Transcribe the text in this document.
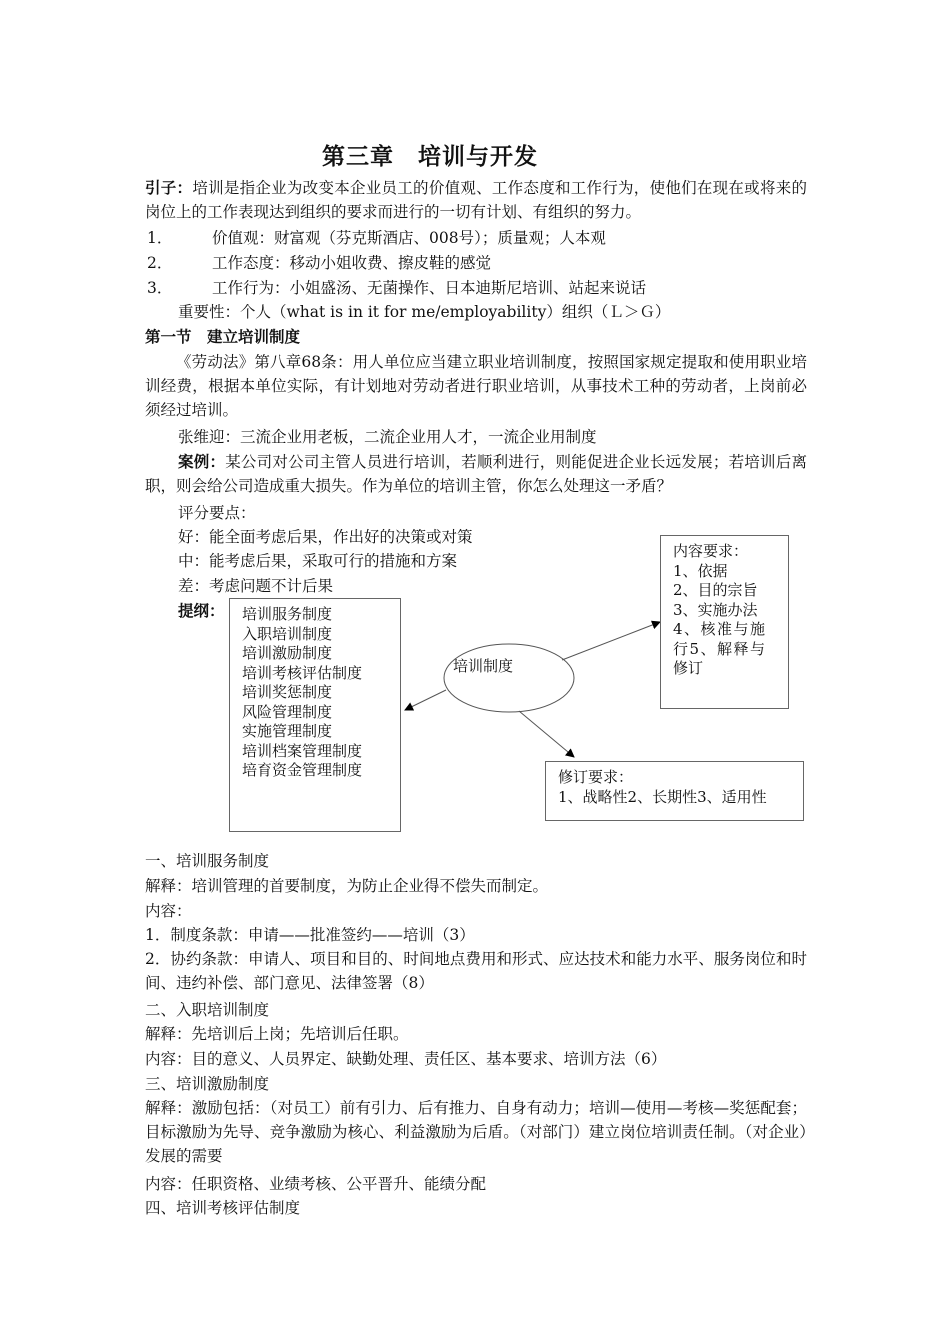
第三章　培训与开发
引子：培训是指企业为改变本企业员工的价值观、工作态度和工作行为，使他们在现在或将来的岗位上的工作表现达到组织的要求而进行的一切有计划、有组织的努力。
1．	价值观：财富观（芬克斯酒店、008号）；质量观；人本观
2．	工作态度：移动小姐收费、擦皮鞋的感觉
3．	工作行为：小姐盛汤、无菌操作、日本迪斯尼培训、站起来说话
重要性：个人（what is in it for me/employability）组织（Ｌ＞Ｇ）
第一节　建立培训制度
《劳动法》第八章68条：用人单位应当建立职业培训制度，按照国家规定提取和使用职业培训经费，根据本单位实际，有计划地对劳动者进行职业培训，从事技术工种的劳动者，上岗前必须经过培训。
张维迎：三流企业用老板，二流企业用人才，一流企业用制度
案例：某公司对公司主管人员进行培训，若顺利进行，则能促进企业长远发展；若培训后离职，则会给公司造成重大损失。作为单位的培训主管，你怎么处理这一矛盾？
评分要点：
好：能全面考虑后果，作出好的决策或对策
中：能考虑后果，采取可行的措施和方案
差：考虑问题不计后果
提纲： 培训服务制度
入职培训制度
培训激励制度
培训考核评估制度
培训奖惩制度
风险管理制度
实施管理制度
培训档案管理制度
培育资金管理制度
培训制度
内容要求：
1、依据
2、目的宗旨
3、实施办法
4、核准与施
行5、解释与
修订
修订要求：
1、战略性2、长期性3、适用性
一、培训服务制度
解释：培训管理的首要制度，为防止企业得不偿失而制定。
内容：
1．制度条款：申请——批准签约——培训（3）
2．协约条款：申请人、项目和目的、时间地点费用和形式、应达技术和能力水平、服务岗位和时间、违约补偿、部门意见、法律签署（8）
二、入职培训制度
解释：先培训后上岗；先培训后任职。
内容：目的意义、人员界定、缺勤处理、责任区、基本要求、培训方法（6）
三、培训激励制度
解释：激励包括：（对员工）前有引力、后有推力、自身有动力；培训—使用—考核—奖惩配套；目标激励为先导、竞争激励为核心、利益激励为后盾。（对部门）建立岗位培训责任制。（对企业）发展的需要
内容：任职资格、业绩考核、公平晋升、能绩分配
四、培训考核评估制度
